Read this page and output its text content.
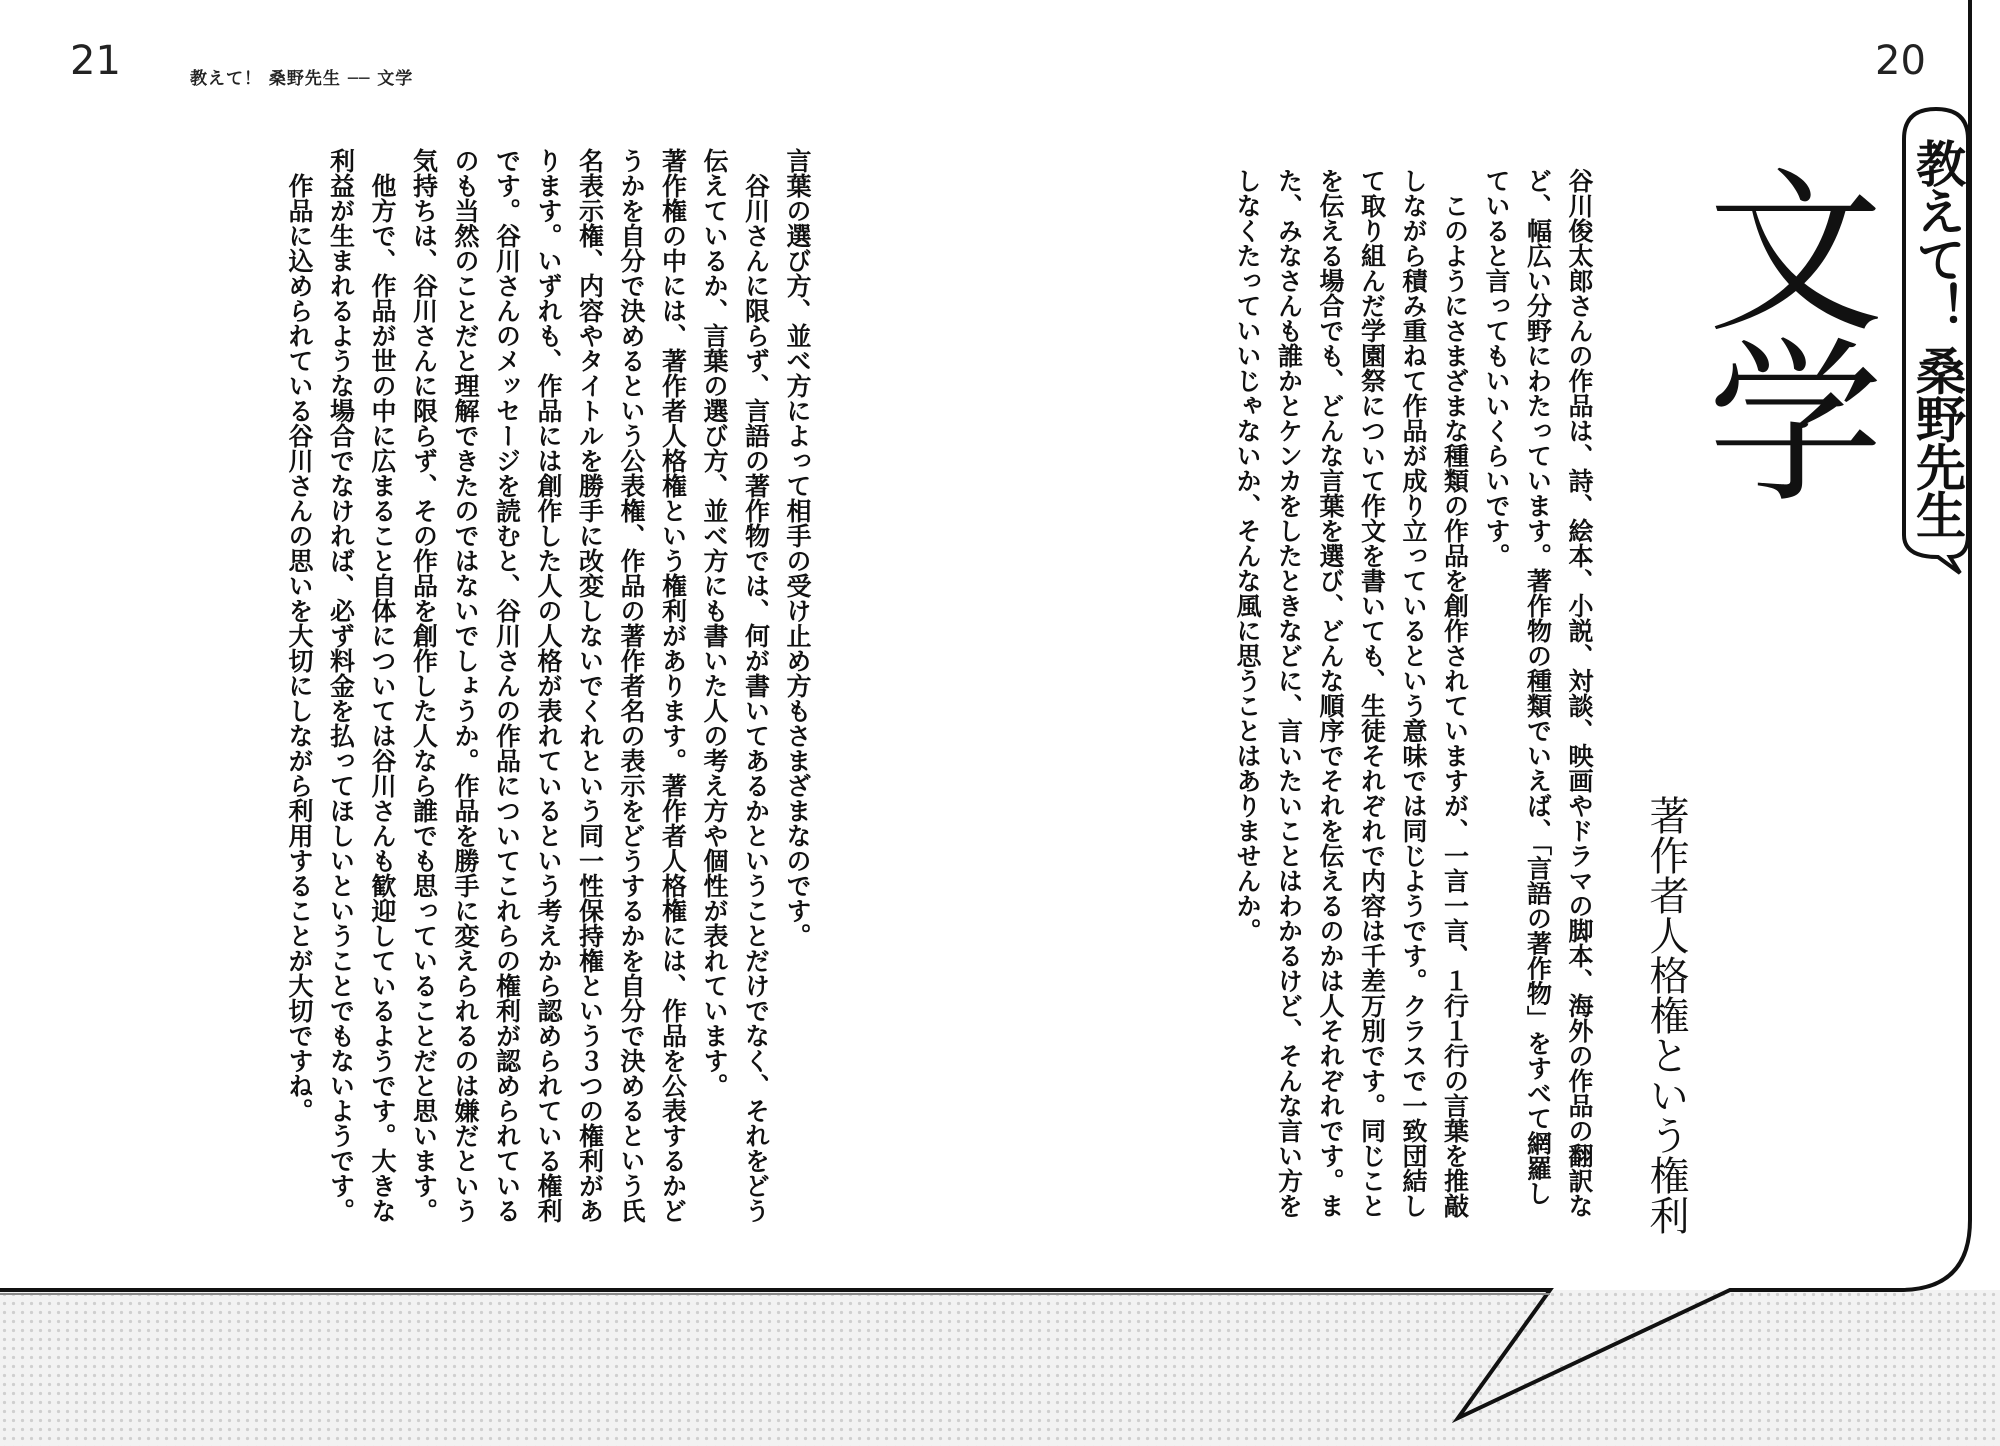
21	20
教えて！ 桑野先生 ── 文学
教えて！ 桑野先生
文学
著作者人格権という権利
谷川俊太郎さんの作品は、詩、絵本、小説、対談、映画やドラマの脚本、海外の作品の翻訳など、幅広い分野にわたっています。著作物の種類でいえば、「言語の著作物」をすべて網羅していると言ってもいいくらいです。
　このようにさまざまな種類の作品を創作されていますが、一言一言、１行１行の言葉を推敲しながら積み重ねて作品が成り立っているという意味では同じようです。クラスで一致団結して取り組んだ学園祭について作文を書いても、生徒それぞれで内容は千差万別です。同じことを伝える場合でも、どんな言葉を選び、どんな順序でそれを伝えるのかは人それぞれです。また、みなさんも誰かとケンカをしたときなどに、言いたいことはわかるけど、そんな言い方をしなくたっていいじゃないか、そんな風に思うことはありませんか。
言葉の選び方、並べ方によって相手の受け止め方もさまざまなのです。
　谷川さんに限らず、言語の著作物では、何が書いてあるかということだけでなく、それをどう伝えているか、言葉の選び方、並べ方にも書いた人の考え方や個性が表れています。
著作権の中には、著作者人格権という権利があります。著作者人格権には、作品を公表するかどうかを自分で決めるという公表権、作品の著作者名の表示をどうするかを自分で決めるという氏名表示権、内容やタイトルを勝手に改変しないでくれという同一性保持権という３つの権利があります。いずれも、作品には創作した人の人格が表れているという考えから認められている権利です。谷川さんのメッセージを読むと、谷川さんの作品についてこれらの権利が認められているのも当然のことだと理解できたのではないでしょうか。作品を勝手に変えられるのは嫌だという気持ちは、谷川さんに限らず、その作品を創作した人なら誰でも思っていることだと思います。
　他方で、作品が世の中に広まること自体については谷川さんも歓迎しているようです。大きな利益が生まれるような場合でなければ、必ず料金を払ってほしいということでもないようです。
　作品に込められている谷川さんの思いを大切にしながら利用することが大切ですね。
